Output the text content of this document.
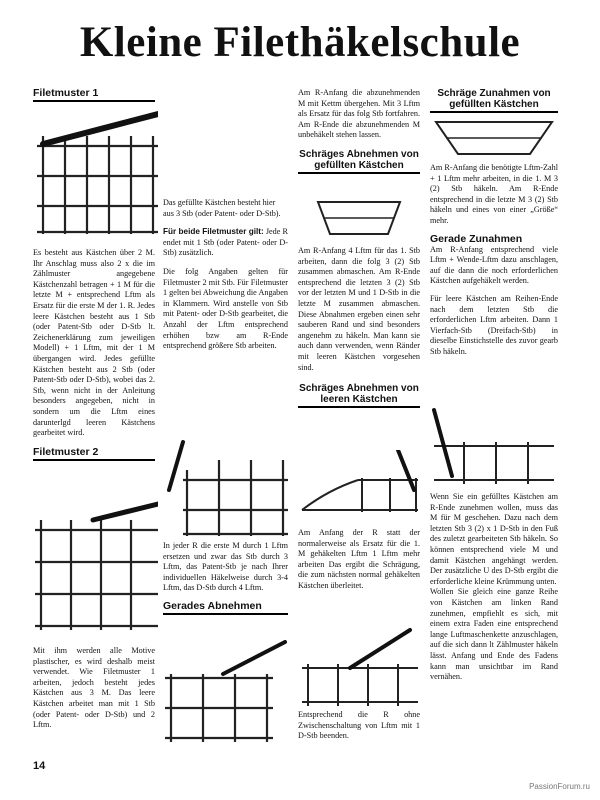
Kleine Filethäkelschule
Filetmuster 1

Es besteht aus Kästchen über 2 M. Ihr Anschlag muss also 2 x die im Zählmuster angegebene Kästchenzahl betragen + 1 M für die letzte M + entsprechend Lftm als Ersatz für die erste M der 1. R. Jedes leere Kästchen besteht aus 1 Stb (oder Patent-Stb oder D-Stb lt. Zeichenerklärung zum jeweiligen Modell) + 1 Lftm, mit der 1 M übergangen wird. Jedes gefüllte Kästchen besteht aus 2 Stb (oder Patent-Stb oder D-Stb), wobei das 2. Stb, wenn nicht in der Anleitung besonders angegeben, nicht in sondern um die Lftm eines darunterlgd leeren Kästchens gearbeitet wird.

Filetmuster 2

Mit ihm werden alle Motive plastischer, es wird deshalb meist verwendet. Wie Filetmuster 1 arbeiten, jedoch besteht jedes Kästchen aus 3 M. Das leere Kästchen arbeitet man mit 1 Stb (oder Patent- oder D-Stb) und 2 Lftm.

Das gefüllte Kästchen besteht hier aus 3 Stb (oder Patent- oder D-Stb).

Für beide Filetmuster gilt: Jede R endet mit 1 Stb (oder Patent- oder D-Stb) zusätzlich.

Die folg Angaben gelten für Filetmuster 2 mit Stb. Für Filetmuster 1 gelten bei Abweichung die Angaben in Klammern. Wird anstelle von Stb mit Patent- oder D-Stb gearbeitet, die Anzahl der Lftm entsprechend erhöhen bzw am R-Ende entsprechend größere Stb arbeiten.

In jeder R die erste M durch 1 Lftm ersetzen und zwar das Stb durch 3 Lftm, das Patent-Stb je nach Ihrer individuellen Häkelweise durch 3-4 Lftm, das D-Stb durch 4 Lftm.

Gerades Abnehmen

Am R-Anfang die abzunehmenden M mit Kettm übergehen. Mit 3 Lftm als Ersatz für das folg Stb fortfahren. Am R-Ende die abzunehmenden M unbehäkelt stehen lassen.

Schräges Abnehmen von gefüllten Kästchen

Am R-Anfang 4 Lftm für das 1. Stb arbeiten, dann die folg 3 (2) Stb zusammen abmaschen. Am R-Ende entsprechend die letzten 3 (2) Stb vor der letzten M und 1 D-Stb in die letzte M zusammen abmaschen. Diese Abnahmen ergeben einen sehr sauberen Rand und sind besonders angenehm zu häkeln. Man kann sie auch dann verwenden, wenn Ränder mit leeren Kästchen vorgesehen sind.

Schräges Abnehmen von leeren Kästchen

Am Anfang der R statt der normalerweise als Ersatz für die 1. M gehäkelten Lftm 1 Lftm mehr arbeiten Das ergibt die Schrägung, die zum nächsten normal gehäkelten Kästchen überleitet.

Entsprechend die R ohne Zwischenschaltung von Lftm mit 1 D-Stb beenden.

Schräge Zunahmen von gefüllten Kästchen

Am R-Anfang die benötigte Lftm-Zahl + 1 Lftm mehr arbeiten, in die 1. M 3 (2) Stb häkeln. Am R-Ende entsprechend in die letzte M 3 (2) Stb häkeln und eines von einer „Größe“ mehr.

Gerade Zunahmen

Am R-Anfang entsprechend viele Lftm + Wende-Lftm dazu anschlagen, auf die dann die noch erforderlichen Kästchen aufgehäkelt werden.

Für leere Kästchen am Reihen-Ende nach dem letzten Stb die erforderlichen Lftm arbeiten. Dann 1 Vierfach-Stb (Dreifach-Stb) in dieselbe Einstichstelle des zuvor gearb Stb häkeln.

Wenn Sie ein gefülltes Kästchen am R-Ende zunehmen wollen, muss das M für M geschehen. Dazu nach dem letzten Stb 3 (2) x 1 D-Stb in den Fuß des zuletzt gearbeiteten Stb häkeln. So können entsprechend viele M und damit Kästchen angehängt werden. Der zusätzliche U des D-Stb ergibt die erforderliche kleine Krümmung unten.

Wollen Sie gleich eine ganze Reihe von Kästchen am linken Rand zunehmen, empfiehlt es sich, mit einem extra Faden eine entsprechend lange Luftmaschenkette anzuschlagen, auf die sich dann lt Zählmuster häkeln lässt. Anfang und Ende des Fadens kann man unsichtbar im Rand vernähen.

14
PassionForum.ru
